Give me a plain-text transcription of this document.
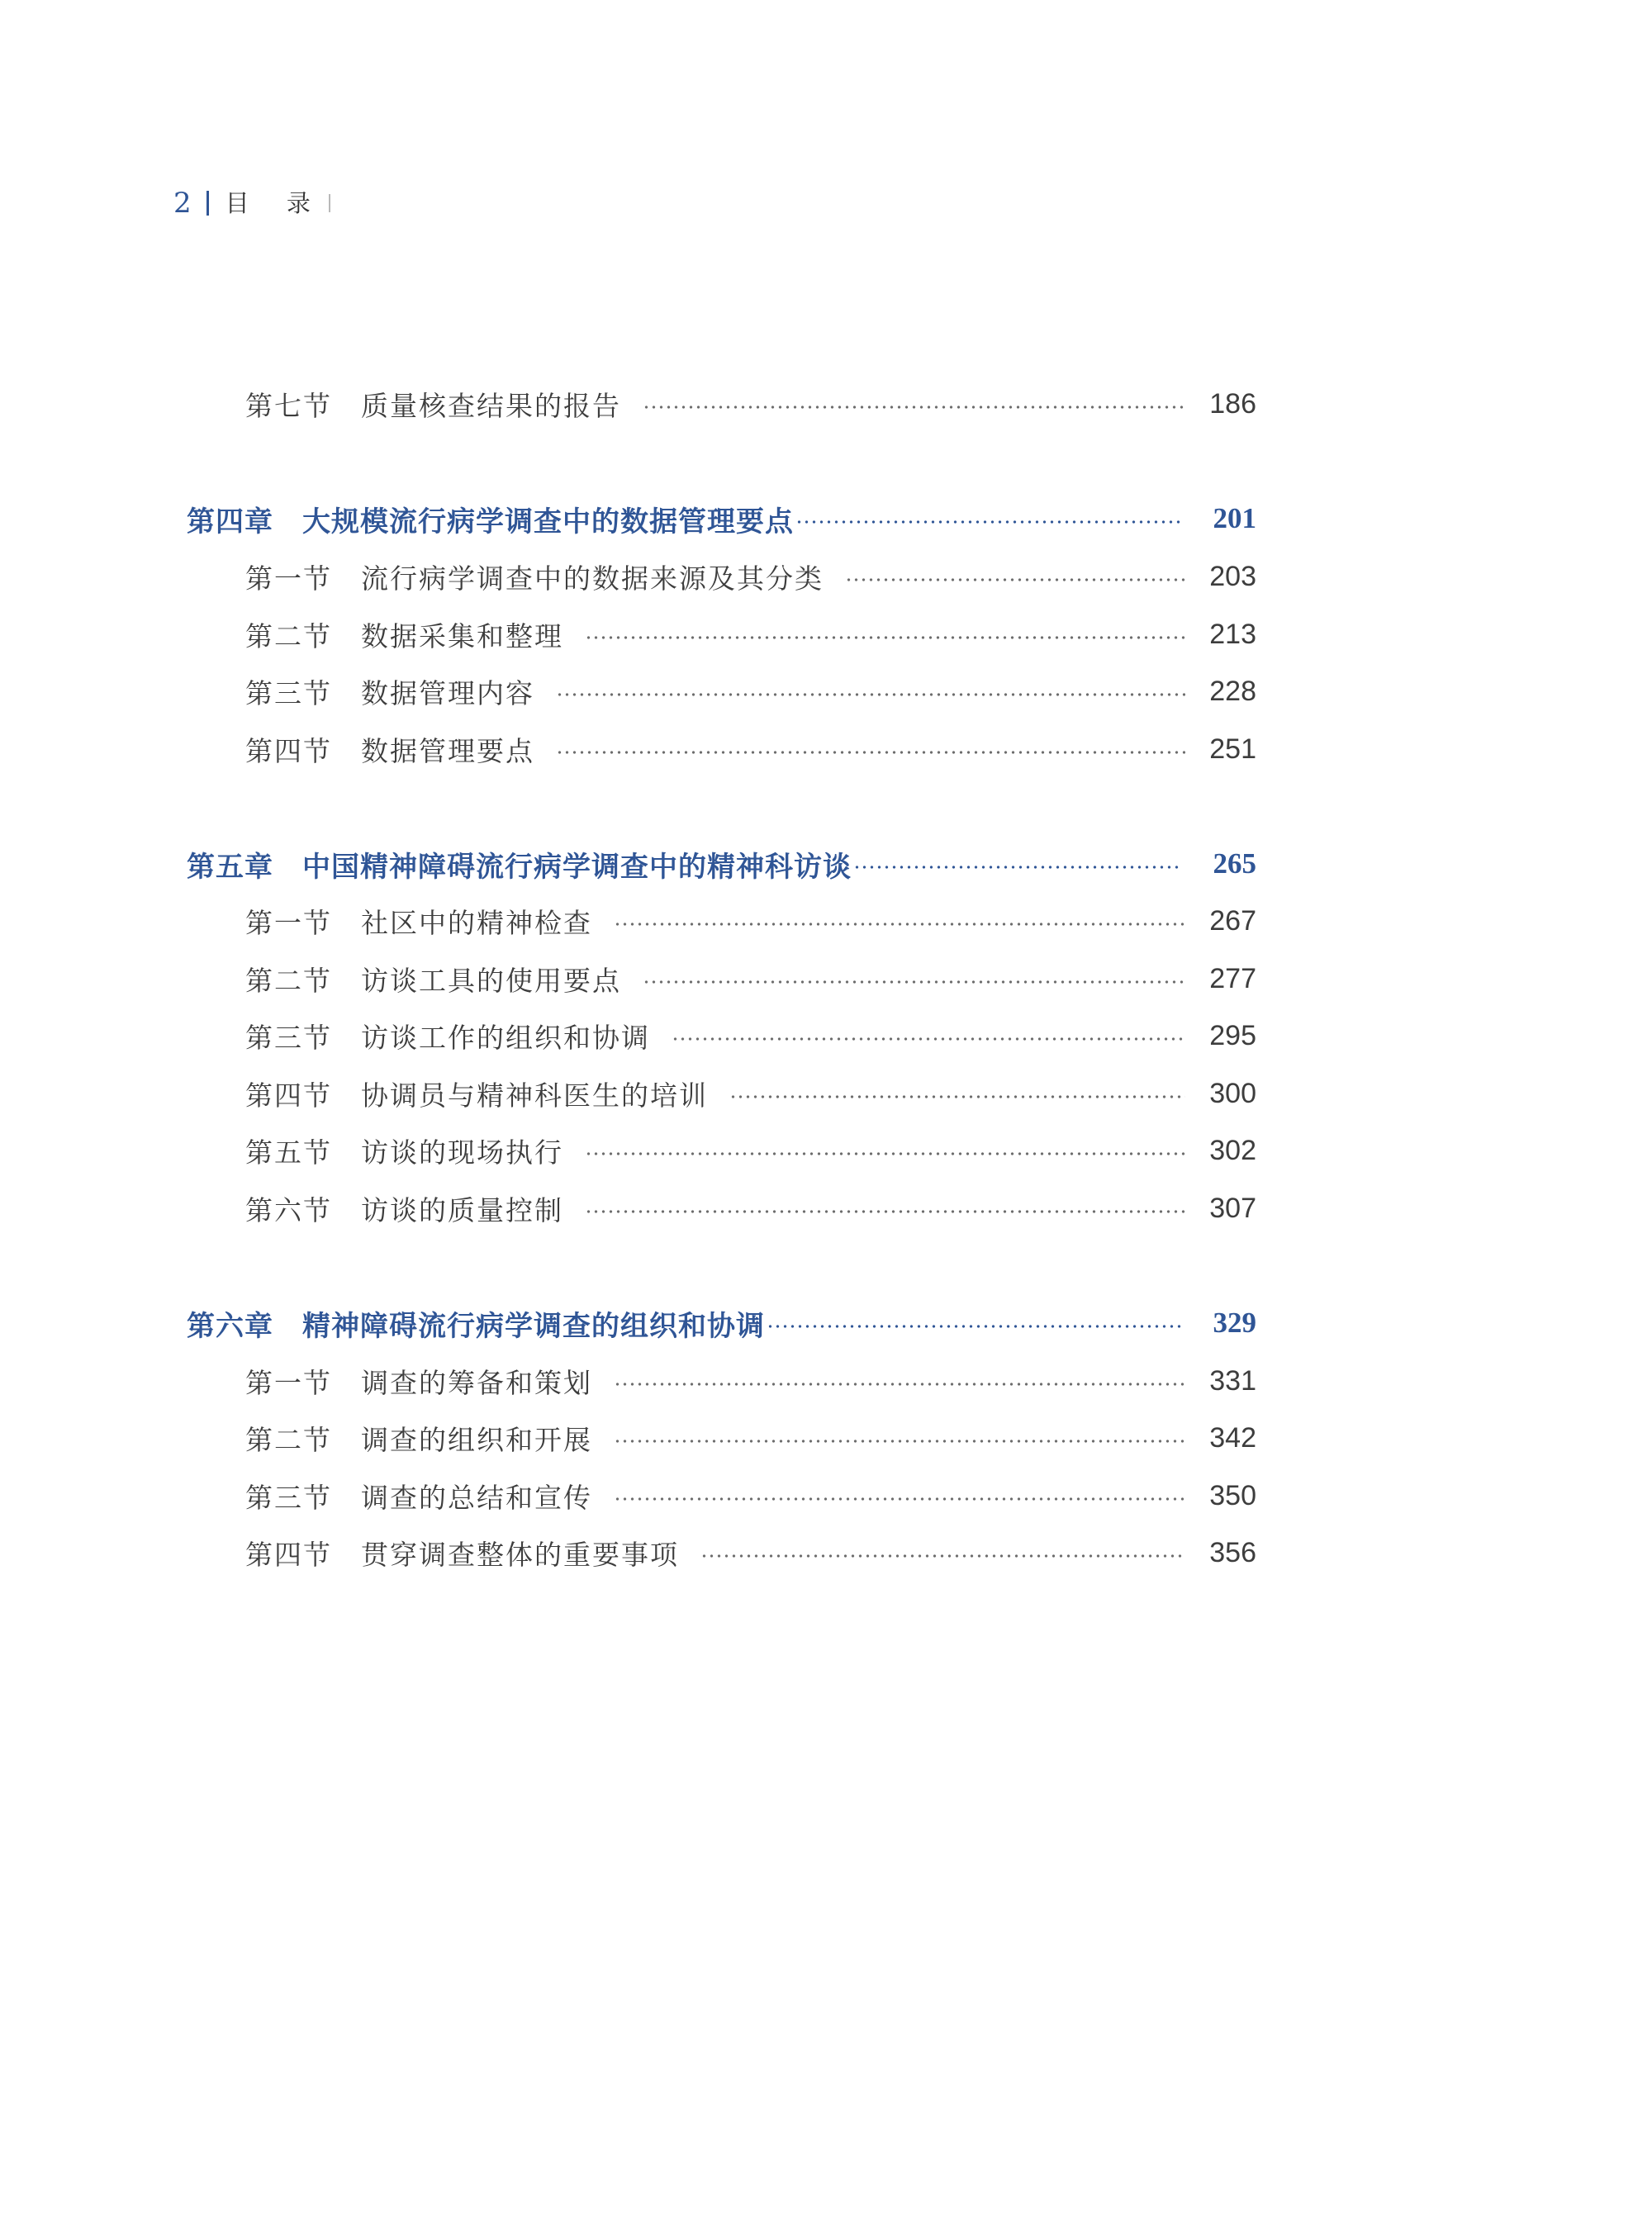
2 目 录
第七节	质量核查结果的报告	186
第四章	大规模流行病学调查中的数据管理要点	201
第一节	流行病学调查中的数据来源及其分类	203
第二节	数据采集和整理	213
第三节	数据管理内容	228
第四节	数据管理要点	251
第五章	中国精神障碍流行病学调查中的精神科访谈	265
第一节	社区中的精神检查	267
第二节	访谈工具的使用要点	277
第三节	访谈工作的组织和协调	295
第四节	协调员与精神科医生的培训	300
第五节	访谈的现场执行	302
第六节	访谈的质量控制	307
第六章	精神障碍流行病学调查的组织和协调	329
第一节	调查的筹备和策划	331
第二节	调查的组织和开展	342
第三节	调查的总结和宣传	350
第四节	贯穿调查整体的重要事项	356
